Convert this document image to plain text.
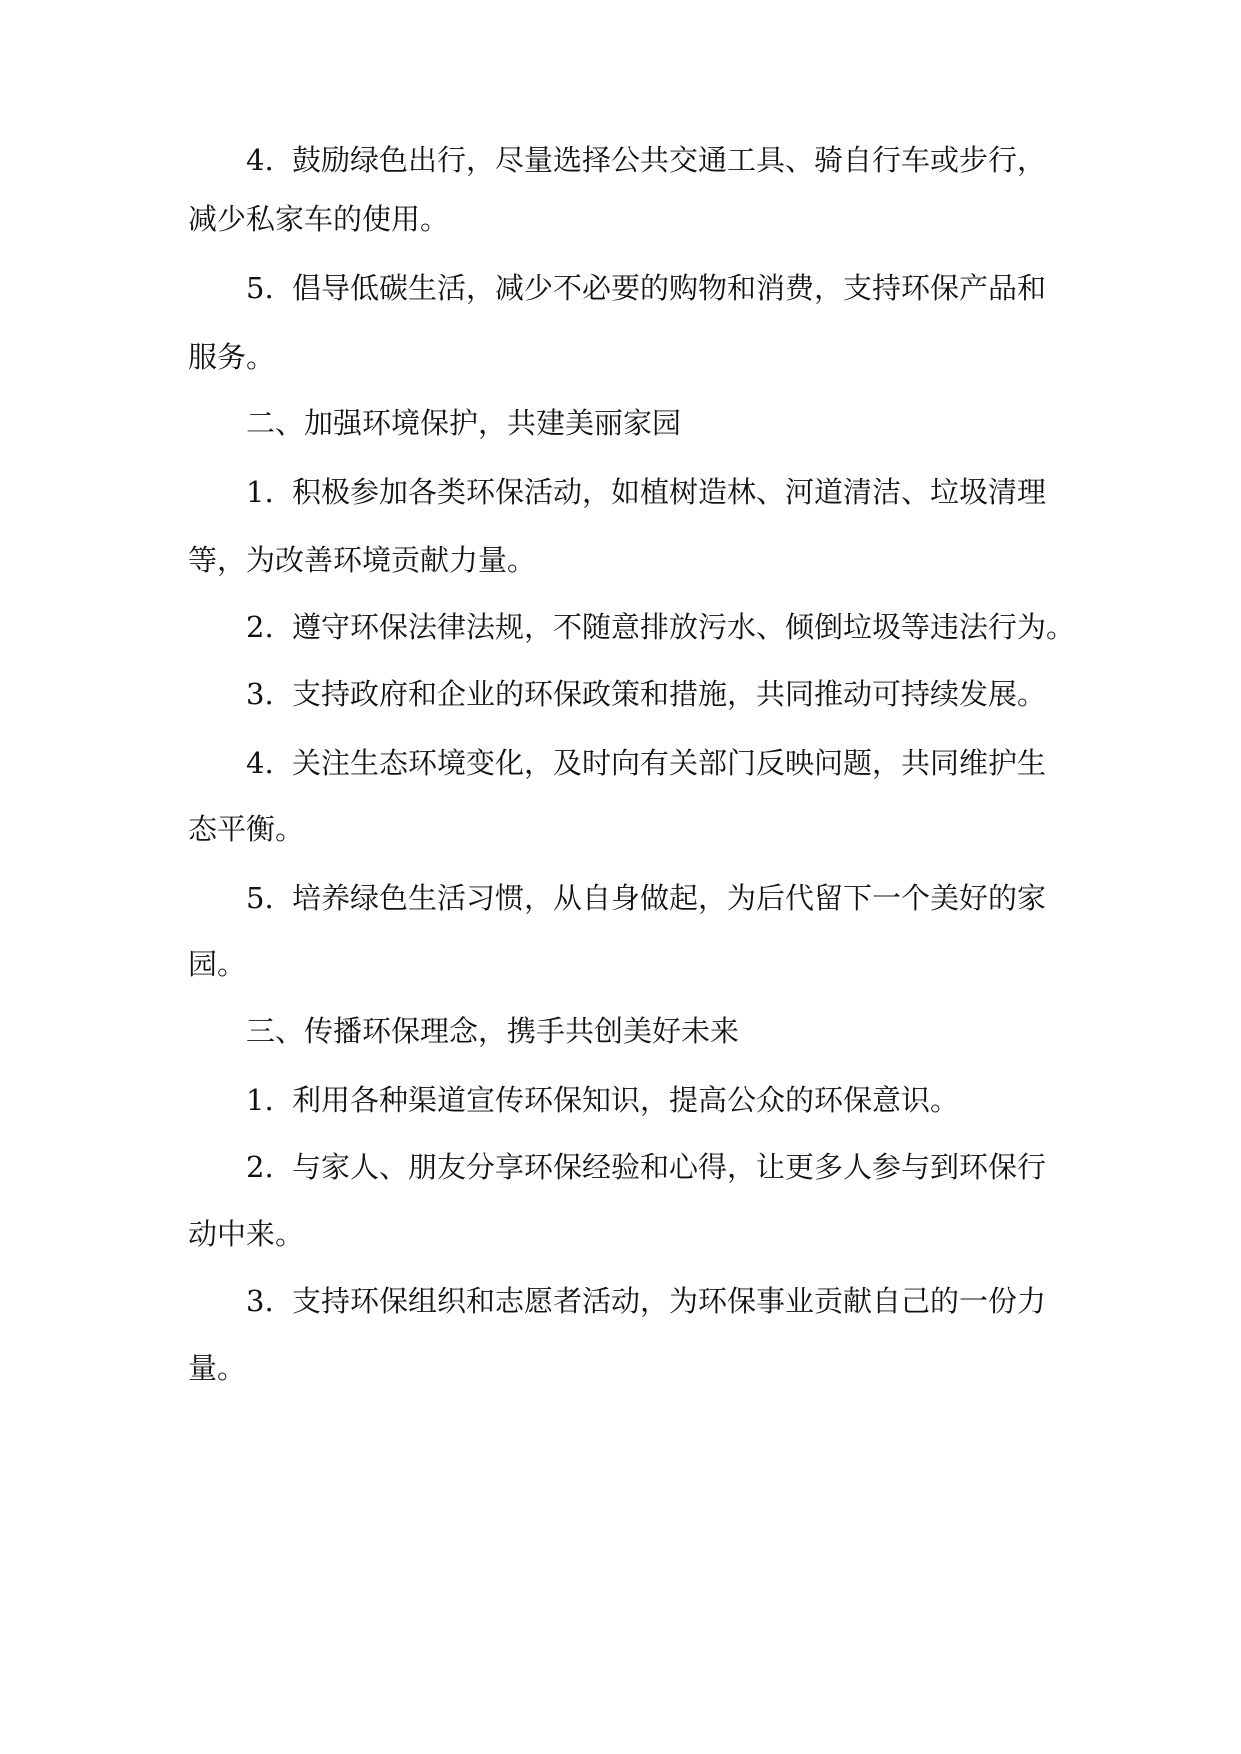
4. 鼓励绿色出行，尽量选择公共交通工具、骑自行车或步行，

减少私家车的使用。

5. 倡导低碳生活，减少不必要的购物和消费，支持环保产品和

服务。

二、加强环境保护，共建美丽家园

1. 积极参加各类环保活动，如植树造林、河道清洁、垃圾清理

等，为改善环境贡献力量。

2. 遵守环保法律法规，不随意排放污水、倾倒垃圾等违法行为。

3. 支持政府和企业的环保政策和措施，共同推动可持续发展。

4. 关注生态环境变化，及时向有关部门反映问题，共同维护生

态平衡。

5. 培养绿色生活习惯，从自身做起，为后代留下一个美好的家

园。

三、传播环保理念，携手共创美好未来

1. 利用各种渠道宣传环保知识，提高公众的环保意识。

2. 与家人、朋友分享环保经验和心得，让更多人参与到环保行

动中来。

3. 支持环保组织和志愿者活动，为环保事业贡献自己的一份力

量。
